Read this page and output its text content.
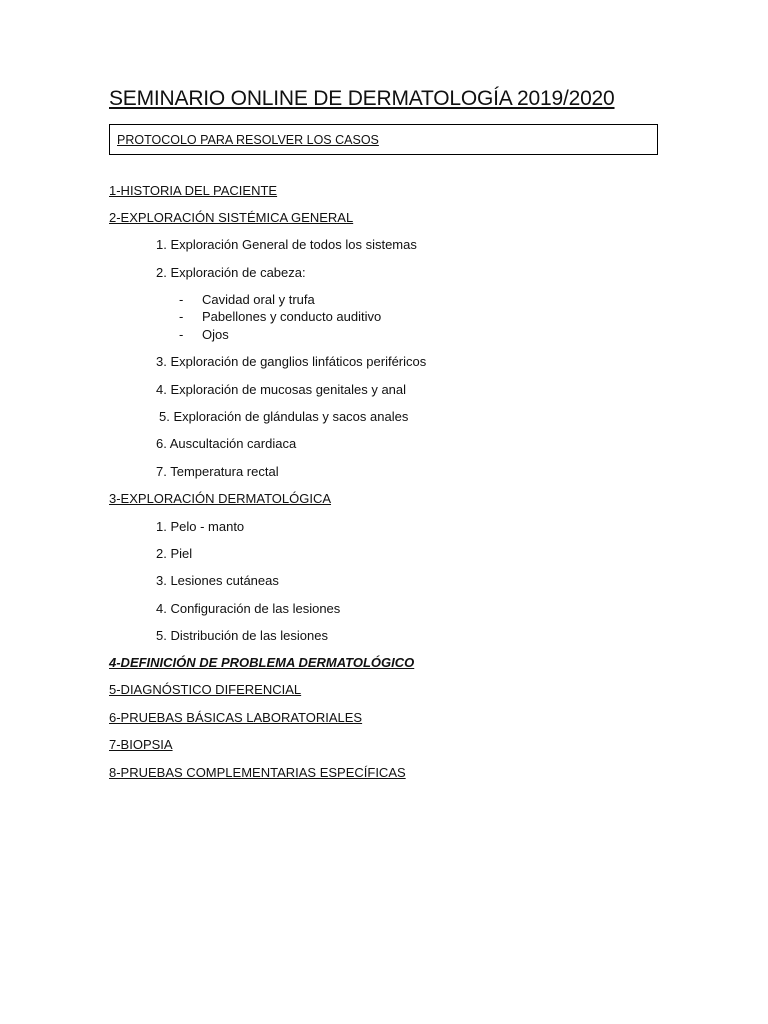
SEMINARIO ONLINE DE DERMATOLOGÍA 2019/2020
PROTOCOLO PARA RESOLVER LOS CASOS
1-HISTORIA DEL PACIENTE
2-EXPLORACIÓN SISTÉMICA GENERAL
1. Exploración General de todos los sistemas
2. Exploración de cabeza:
- Cavidad oral y trufa
- Pabellones y conducto auditivo
- Ojos
3. Exploración de ganglios linfáticos periféricos
4. Exploración de mucosas genitales y anal
5. Exploración de glándulas y sacos anales
6. Auscultación cardiaca
7. Temperatura rectal
3-EXPLORACIÓN DERMATOLÓGICA
1. Pelo - manto
2. Piel
3. Lesiones cutáneas
4. Configuración de las lesiones
5. Distribución de las lesiones
4-DEFINICIÓN DE PROBLEMA DERMATOLÓGICO
5-DIAGNÓSTICO DIFERENCIAL
6-PRUEBAS BÁSICAS LABORATORIALES
7-BIOPSIA
8-PRUEBAS COMPLEMENTARIAS ESPECÍFICAS
